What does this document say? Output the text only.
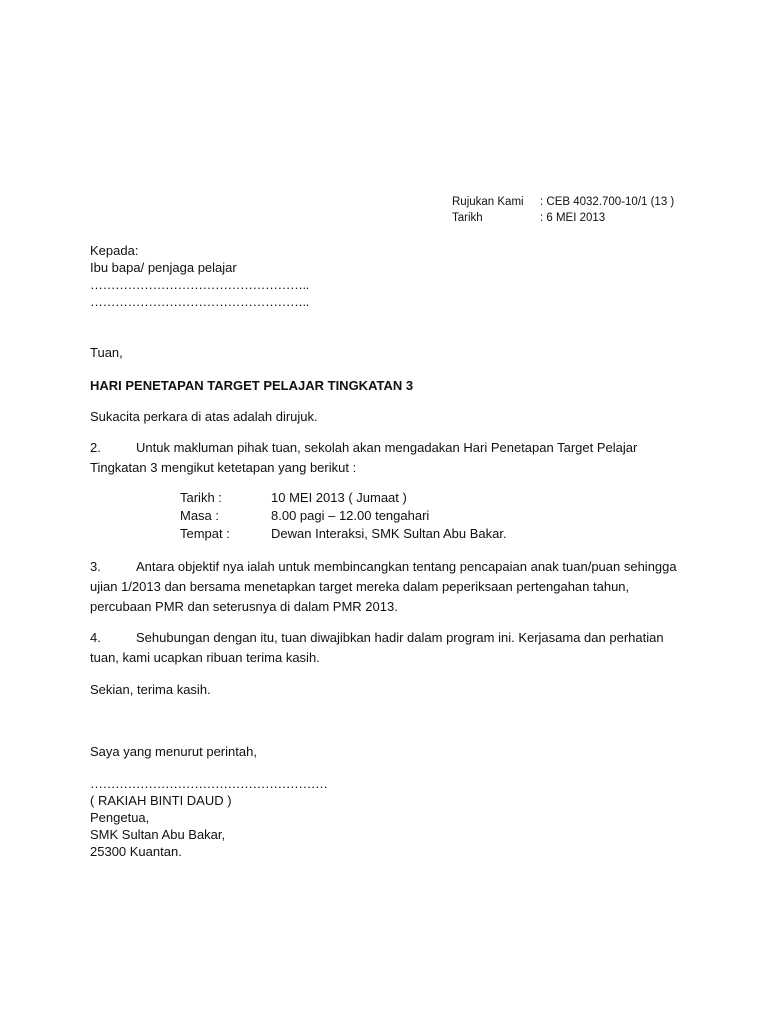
Rujukan Kami	: CEB 4032.700-10/1 (13 )
Tarikh	: 6 MEI 2013
Kepada:
Ibu bapa/ penjaga pelajar
……………………………………………..
……………………………………………..
Tuan,
HARI PENETAPAN TARGET PELAJAR TINGKATAN 3
Sukacita perkara di atas adalah dirujuk.
2.	Untuk makluman pihak tuan, sekolah akan mengadakan Hari Penetapan Target Pelajar
Tingkatan 3 mengikut ketetapan yang berikut :
Tarikh :	10 MEI 2013 ( Jumaat )
Masa :	8.00 pagi – 12.00 tengahari
Tempat :	Dewan Interaksi, SMK Sultan Abu Bakar.
3.	Antara objektif nya ialah untuk membincangkan tentang pencapaian anak tuan/puan sehingga
ujian 1/2013 dan bersama menetapkan target mereka dalam peperiksaan pertengahan tahun,
percubaan PMR dan seterusnya di dalam PMR 2013.
4.	Sehubungan dengan itu, tuan diwajibkan hadir dalam program ini. Kerjasama dan perhatian
tuan, kami ucapkan ribuan terima kasih.
Sekian, terima kasih.
Saya yang menurut perintah,
…………………………………………………
( RAKIAH BINTI DAUD )
Pengetua,
SMK Sultan Abu Bakar,
25300 Kuantan.
